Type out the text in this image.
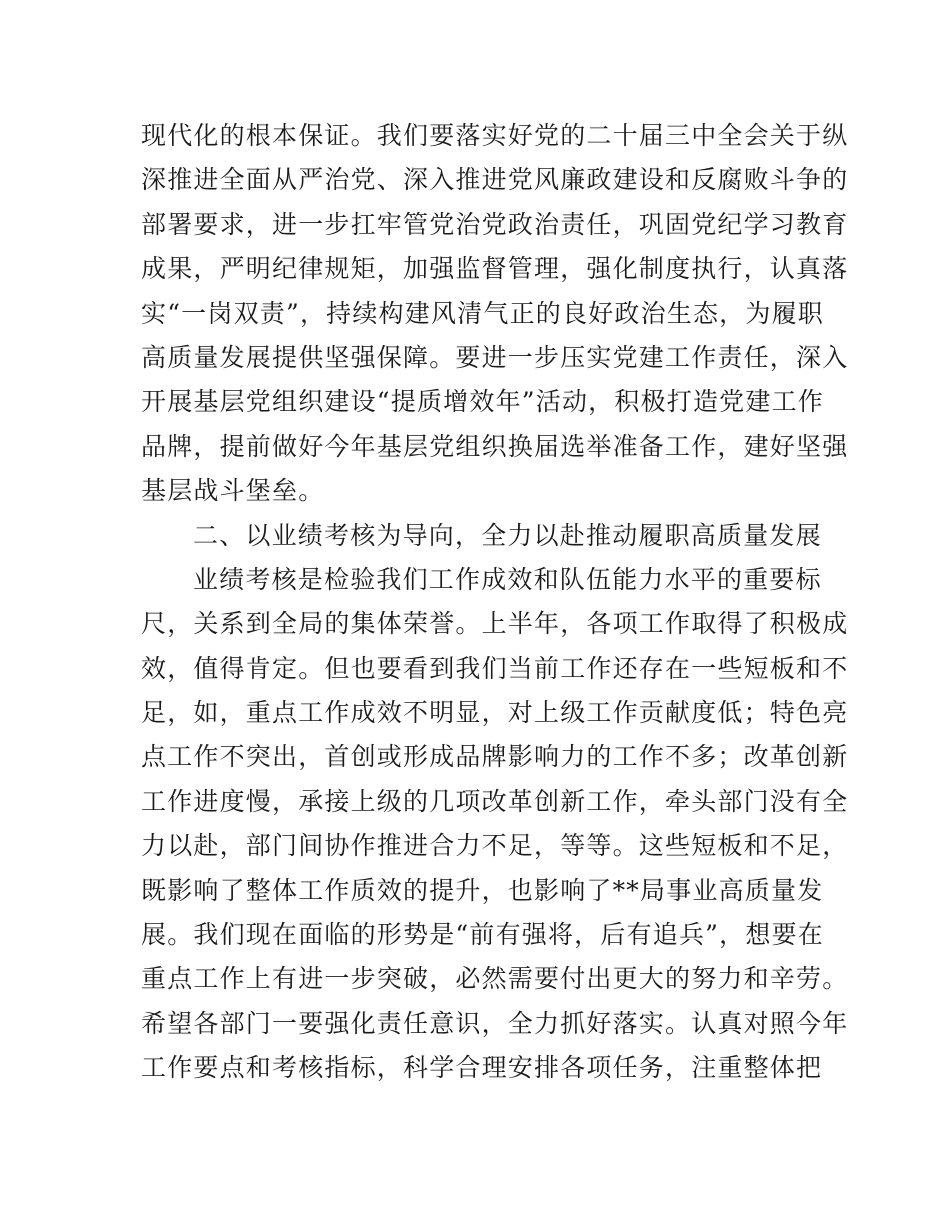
现代化的根本保证。我们要落实好党的二十届三中全会关于纵
深推进全面从严治党、深入推进党风廉政建设和反腐败斗争的
部署要求，进一步扛牢管党治党政治责任，巩固党纪学习教育
成果，严明纪律规矩，加强监督管理，强化制度执行，认真落
实“一岗双责”，持续构建风清气正的良好政治生态，为履职
高质量发展提供坚强保障。要进一步压实党建工作责任，深入
开展基层党组织建设“提质增效年”活动，积极打造党建工作
品牌，提前做好今年基层党组织换届选举准备工作，建好坚强
基层战斗堡垒。
二、以业绩考核为导向，全力以赴推动履职高质量发展
业绩考核是检验我们工作成效和队伍能力水平的重要标
尺，关系到全局的集体荣誉。上半年，各项工作取得了积极成
效，值得肯定。但也要看到我们当前工作还存在一些短板和不
足，如，重点工作成效不明显，对上级工作贡献度低；特色亮
点工作不突出，首创或形成品牌影响力的工作不多；改革创新
工作进度慢，承接上级的几项改革创新工作，牵头部门没有全
力以赴，部门间协作推进合力不足，等等。这些短板和不足，
既影响了整体工作质效的提升，也影响了**局事业高质量发
展。我们现在面临的形势是“前有强将，后有追兵”，想要在
重点工作上有进一步突破，必然需要付出更大的努力和辛劳。
希望各部门一要强化责任意识，全力抓好落实。认真对照今年
工作要点和考核指标，科学合理安排各项任务，注重整体把
